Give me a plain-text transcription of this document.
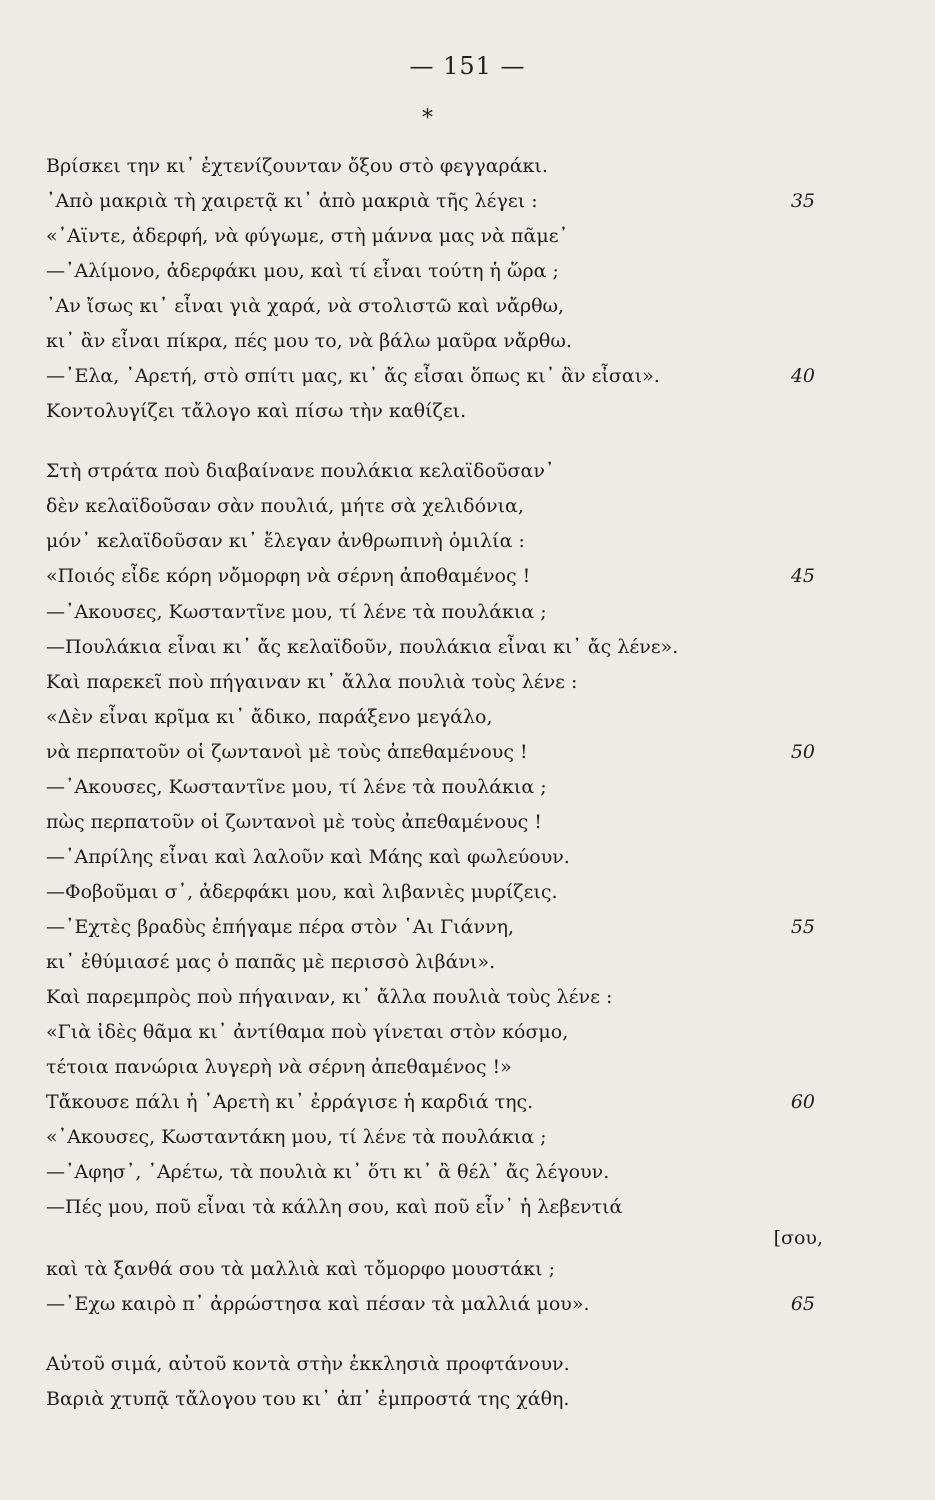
— 151 —
*
Βρίσκει την κι᾽ ἐχτενίζουνταν ὄξου στὸ φεγγαράκι.
᾽Απὸ μακριὰ τὴ χαιρετᾷ κι᾽ ἀπὸ μακριὰ τῆς λέγει :	35
«᾽Αϊντε, ἀδερφή, νὰ φύγωμε, στὴ μάννα μας νὰ πᾶμε᾽
—᾽Αλίμονο, ἀδερφάκι μου, καὶ τί εἶναι τούτη ἡ ὥρα ;
᾽Αν ἴσως κι᾽ εἶναι γιὰ χαρά, νὰ στολιστῶ καὶ νἄρθω,
κι᾽ ἂν εἶναι πίκρα, πές μου το, νὰ βάλω μαῦρα νἄρθω.
—᾽Ελα, ᾽Αρετή, στὸ σπίτι μας, κι᾽ ἄς εἶσαι ὅπως κι᾽ ἂν εἶσαι».	40
Κοντολυγίζει τἄλογο καὶ πίσω τὴν καθίζει.
Στὴ στράτα ποὺ διαβαίνανε πουλάκια κελαϊδοῦσαν᾽
δὲν κελαϊδοῦσαν σὰν πουλιά, μήτε σὰ χελιδόνια,
μόν᾽ κελαϊδοῦσαν κι᾽ ἔλεγαν ἀνθρωπινὴ ὁμιλία :
«Ποιός εἶδε κόρη νὄμορφη νὰ σέρνη ἀποθαμένος !	45
—᾽Ακουσες, Κωσταντῖνε μου, τί λένε τὰ πουλάκια ;
—Πουλάκια εἶναι κι᾽ ἄς κελαϊδοῦν, πουλάκια εἶναι κι᾽ ἄς λένε».
Καὶ παρεκεῖ ποὺ πήγαιναν κι᾽ ἄλλα πουλιὰ τοὺς λένε :
«Δὲν εἶναι κρῖμα κι᾽ ἄδικο, παράξενο μεγάλο,
νὰ περπατοῦν οἱ ζωντανοὶ μὲ τοὺς ἀπεθαμένους !	50
—᾽Ακουσες, Κωσταντῖνε μου, τί λένε τὰ πουλάκια ;
πὼς περπατοῦν οἱ ζωντανοὶ μὲ τοὺς ἀπεθαμένους !
—᾽Απρίλης εἶναι καὶ λαλοῦν καὶ Μάης καὶ φωλεύουν.
—Φοβοῦμαι σ᾽, ἀδερφάκι μου, καὶ λιβανιὲς μυρίζεις.
—᾽Εχτὲς βραδὺς ἐπήγαμε πέρα στὸν ῾Αι Γιάννη,	55
κι᾽ ἐθύμιασέ μας ὁ παπᾶς μὲ περισσὸ λιβάνι».
Καὶ παρεμπρὸς ποὺ πήγαιναν, κι᾽ ἄλλα πουλιὰ τοὺς λένε :
«Γιὰ ἰδὲς θᾶμα κι᾽ ἀντίθαμα ποὺ γίνεται στὸν κόσμο,
τέτοια πανώρια λυγερὴ νὰ σέρνη ἀπεθαμένος !»
Τἄκουσε πάλι ἡ ᾽Αρετὴ κι᾽ ἐρράγισε ἡ καρδιά της.	60
«᾽Ακουσες, Κωσταντάκη μου, τί λένε τὰ πουλάκια ;
—᾽Αφησ᾽, ᾽Αρέτω, τὰ πουλιὰ κι᾽ ὅτι κι᾽ ἂ θέλ᾽ ἄς λέγουν.
—Πές μου, ποῦ εἶναι τὰ κάλλη σου, καὶ ποῦ εἶν᾽ ἡ λεβεντιά
[σου,
καὶ τὰ ξανθά σου τὰ μαλλιὰ καὶ τὄμορφο μουστάκι ;
—᾽Εχω καιρὸ π᾽ ἀρρώστησα καὶ πέσαν τὰ μαλλιά μου».	65
Αὐτοῦ σιμά, αὐτοῦ κοντὰ στὴν ἐκκλησιὰ προφτάνουν.
Βαριὰ χτυπᾷ τἄλογου του κι᾽ ἀπ᾽ ἐμπροστά της χάθη.
